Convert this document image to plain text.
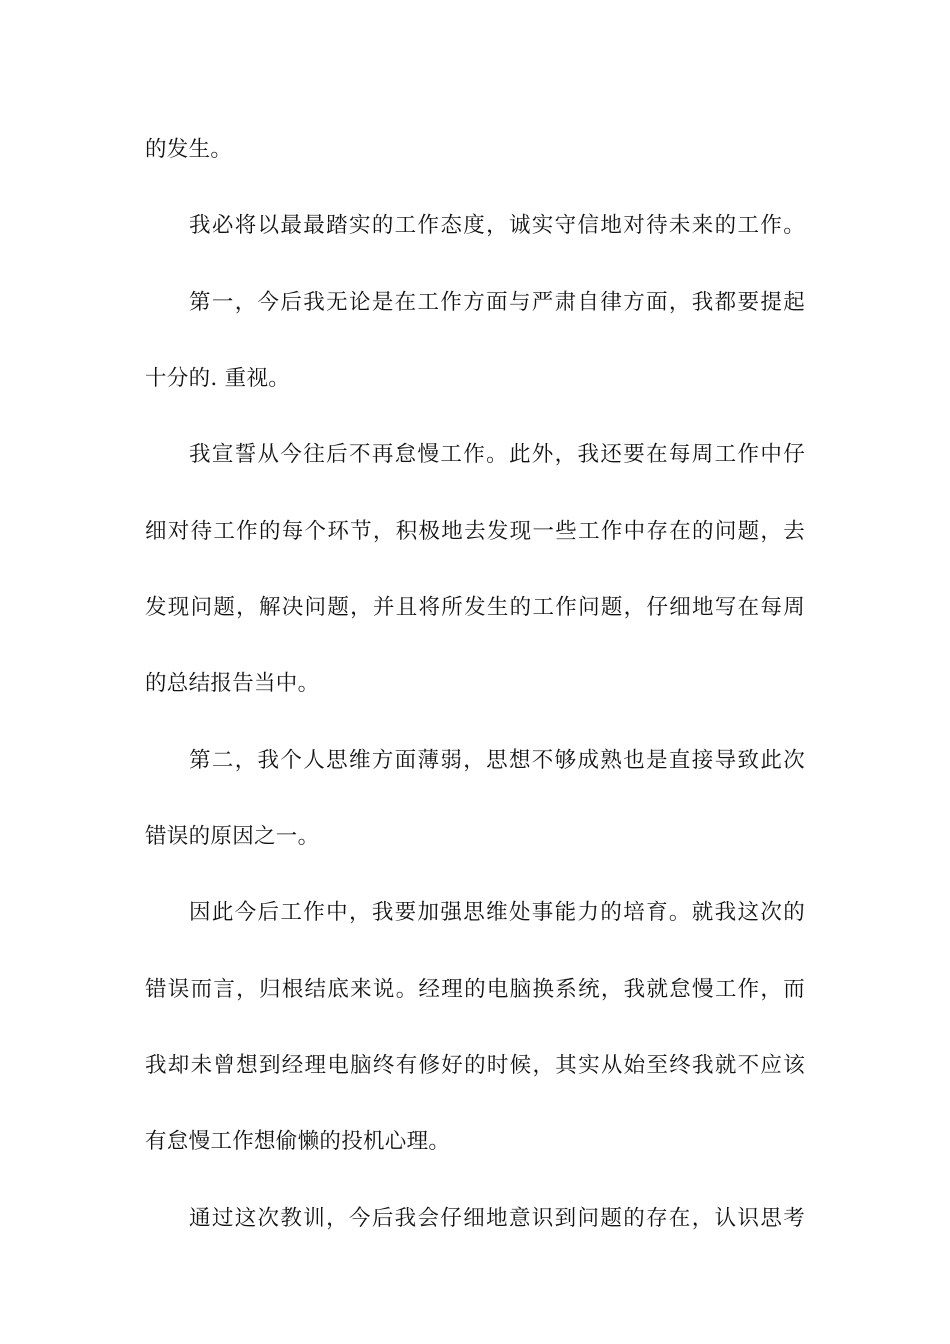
的发生。
我必将以最最踏实的工作态度，诚实守信地对待未来的工作。
第一，今后我无论是在工作方面与严肃自律方面，我都要提起
十分的. 重视。
我宣誓从今往后不再怠慢工作。此外，我还要在每周工作中仔
细对待工作的每个环节，积极地去发现一些工作中存在的问题，去
发现问题，解决问题，并且将所发生的工作问题，仔细地写在每周
的总结报告当中。
第二，我个人思维方面薄弱，思想不够成熟也是直接导致此次
错误的原因之一。
因此今后工作中，我要加强思维处事能力的培育。就我这次的
错误而言，归根结底来说。经理的电脑换系统，我就怠慢工作，而
我却未曾想到经理电脑终有修好的时候，其实从始至终我就不应该
有怠慢工作想偷懒的投机心理。
通过这次教训，今后我会仔细地意识到问题的存在，认识思考
